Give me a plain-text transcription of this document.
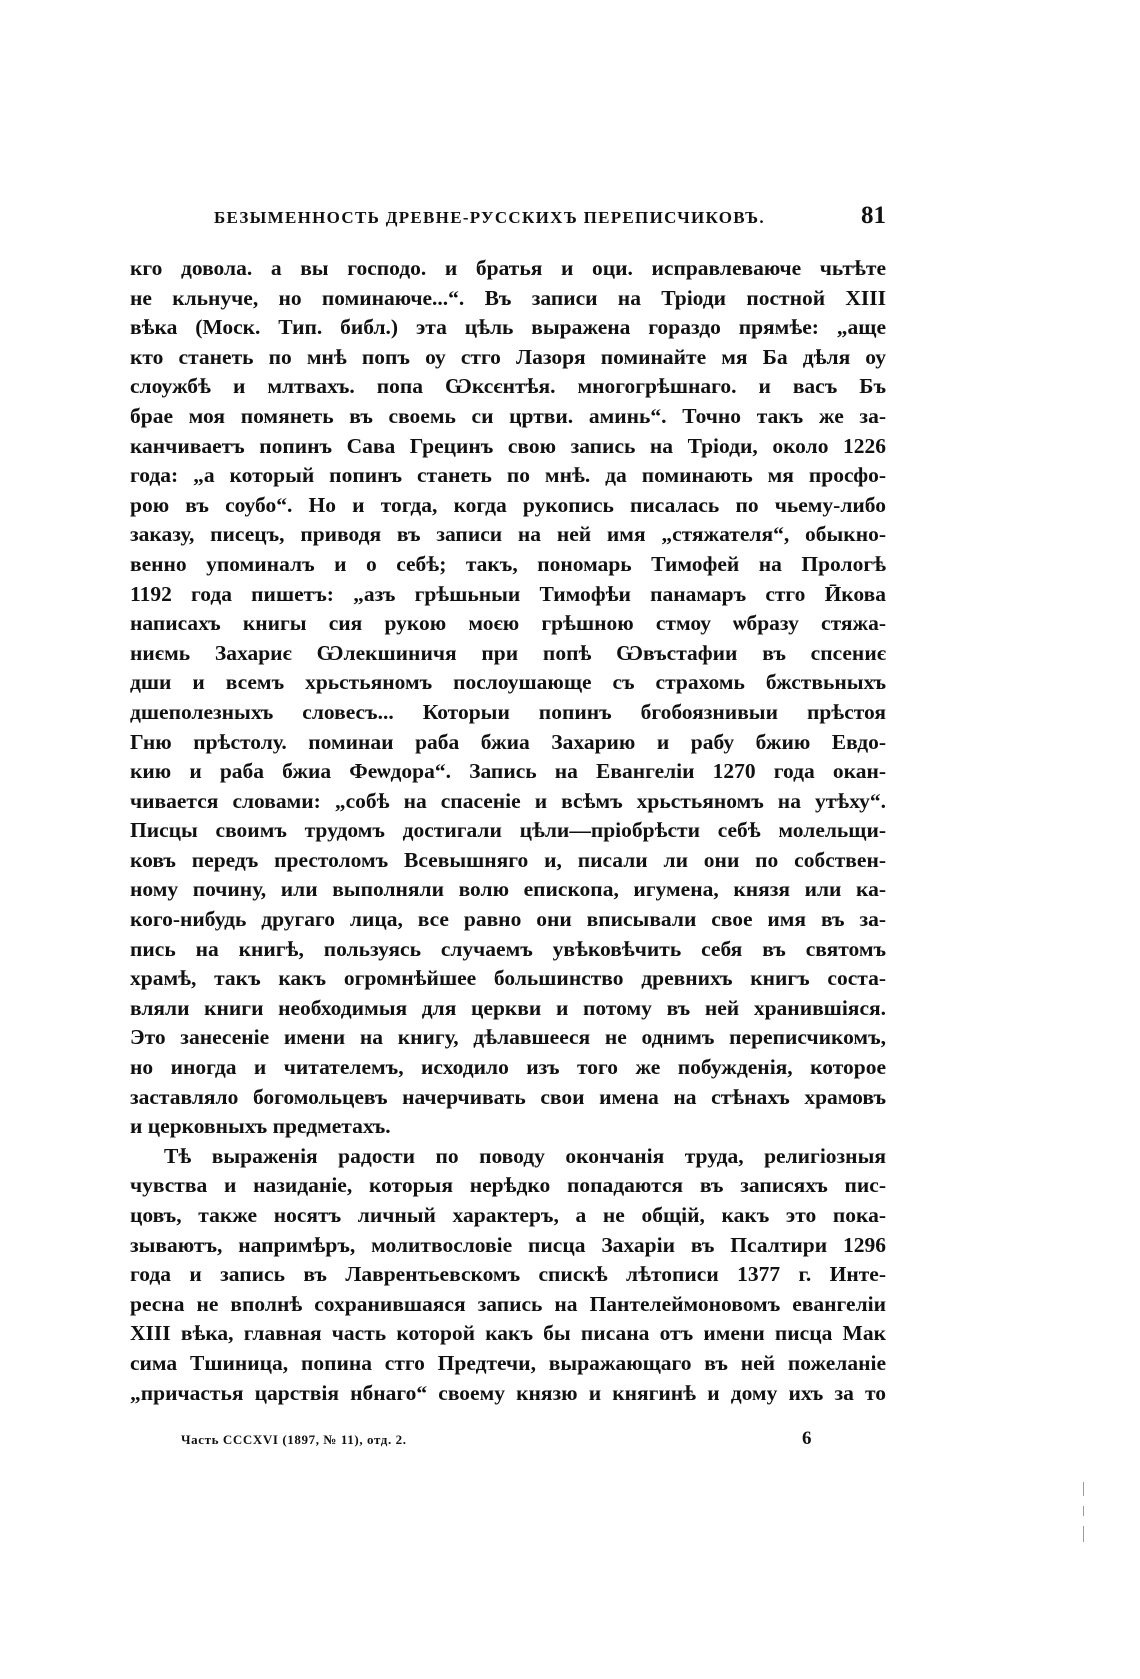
БЕЗЫМЕННОСТЬ ДРЕВНЕ-РУССКИХЪ ПЕРЕПИСЧИКОВЪ.	81
кго довола. а вы господо. и братья и оци. исправлеваюче чьтѣте
не кльнуче, но поминаюче...“. Въ записи на Тріоди постной XIII
вѣка (Моск. Тип. библ.) эта цѣль выражена гораздо прямѣе: „аще
кто станеть по мнѣ попъ оу стго Лазоря поминайте мя Ба дѣля оу
слоужбѣ и млтвахъ. попа Ѡксєнтѣя. многогрѣшнаго. и васъ Бъ
брае моя помянеть въ своемь си цртви. аминь“. Точно такъ же за-
канчиваетъ попинъ Сава Грецинъ свою запись на Тріоди, около 1226
года: „а который попинъ станеть по мнѣ. да поминають мя просфо-
рою въ соубо“. Но и тогда, когда рукопись писалась по чьему-либо
заказу, писецъ, приводя въ записи на ней имя „стяжателя“, обыкно-
венно упоминалъ и о себѣ; такъ, пономарь Тимофей на Прологѣ
1192 года пишетъ: „азъ грѣшьныи Тимофѣи панамаръ стго Ӣкова
написахъ книгы сия рукою моєю грѣшною стмоу ѡбразу стяжа-
ниємь Захариє Ѡлекшиничя при попѣ Ѡвъстафии въ спсениє
дши и всемъ хрьстьяномъ послоушающе съ страхомь бжствьныхъ
дшеполезныхъ словесъ... Которыи попинъ бгобоязнивыи прѣстоя
Гню прѣстолу. поминаи раба бжиа Захарию и рабу бжию Евдо-
кию и раба бжиа Феѡдора“. Запись на Евангеліи 1270 года окан-
чивается словами: „собѣ на спасеніе и всѣмъ хрьстьяномъ на утѣху“.
Писцы своимъ трудомъ достигали цѣли—пріобрѣсти себѣ молельщи-
ковъ передъ престоломъ Всевышняго и, писали ли они по собствен-
ному почину, или выполняли волю епископа, игумена, князя или ка-
кого-нибудь другаго лица, все равно они вписывали свое имя въ за-
пись на книгѣ, пользуясь случаемъ увѣковѣчить себя въ святомъ
храмѣ, такъ какъ огромнѣйшее большинство древнихъ книгъ соста-
вляли книги необходимыя для церкви и потому въ ней хранившіяся.
Это занесеніе имени на книгу, дѣлавшееся не однимъ переписчикомъ,
но иногда и читателемъ, исходило изъ того же побужденія, которое
заставляло богомольцевъ начерчивать свои имена на стѣнахъ храмовъ
и церковныхъ предметахъ.
Тѣ выраженія радости по поводу окончанія труда, религіозныя
чувства и назиданіе, которыя нерѣдко попадаются въ записяхъ пис-
цовъ, также носятъ личный характеръ, а не общій, какъ это пока-
зываютъ, напримѣръ, молитвословіе писца Захаріи въ Псалтири 1296
года и запись въ Лаврентьевскомъ спискѣ лѣтописи 1377 г. Инте-
ресна не вполнѣ сохранившаяся запись на Пантелеймоновомъ евангеліи
XIII вѣка, главная часть которой какъ бы писана отъ имени писца Мак
сима Тшиница, попина стго Предтечи, выражающаго въ ней пожеланіе
„причастья царствія нбнаго“ своему князю и княгинѣ и дому ихъ за то
Часть CCCXVI (1897, № 11), отд. 2.	6
